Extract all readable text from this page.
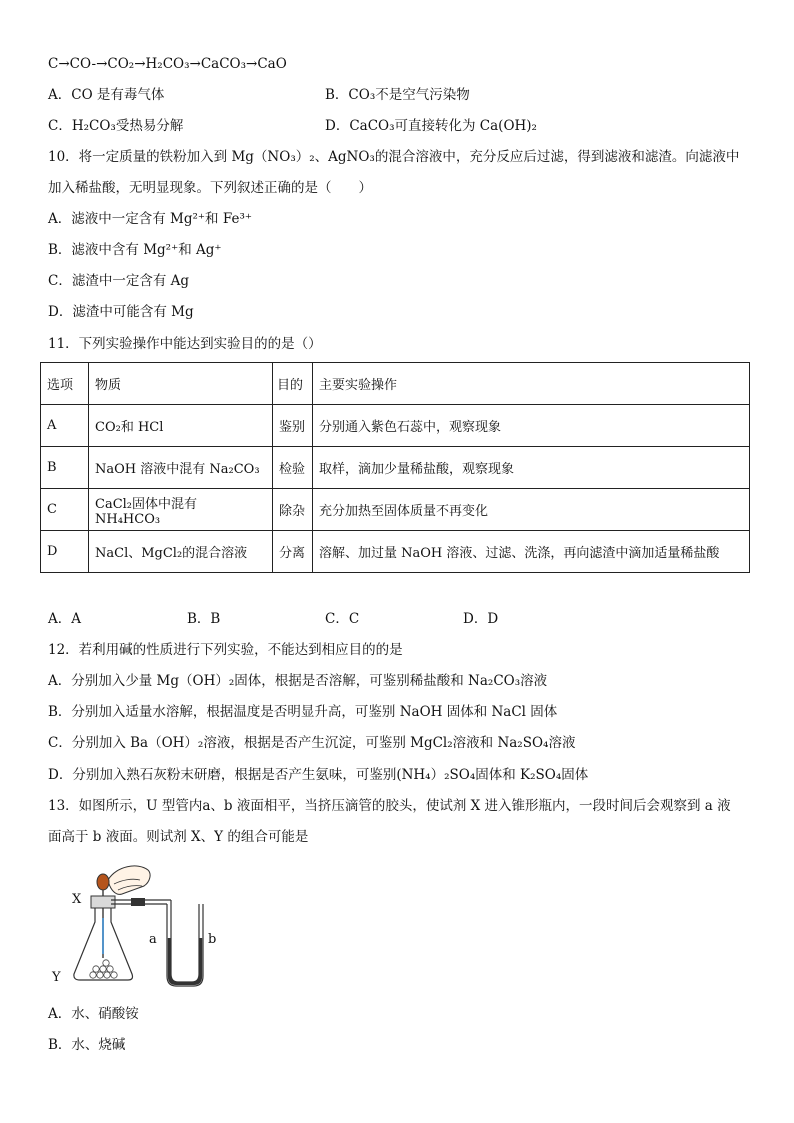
C→CO-→CO₂→H₂CO₃→CaCO₃→CaO
A．CO 是有毒气体	B．CO₃不是空气污染物
C．H₂CO₃受热易分解	D．CaCO₃可直接转化为 Ca(OH)₂
10．将一定质量的铁粉加入到 Mg（NO₃）₂、AgNO₃的混合溶液中，充分反应后过滤，得到滤液和滤渣。向滤液中
加入稀盐酸，无明显现象。下列叙述正确的是（　　）
A．滤液中一定含有 Mg²⁺和 Fe³⁺
B．滤液中含有 Mg²⁺和 Ag⁺
C．滤渣中一定含有 Ag
D．滤渣中可能含有 Mg
11．下列实验操作中能达到实验目的的是（）
选项	物质	目的	主要实验操作
A	CO₂和 HCl	鉴别	分别通入紫色石蕊中，观察现象
B	NaOH 溶液中混有 Na₂CO₃	检验	取样，滴加少量稀盐酸，观察现象
C	CaCl₂固体中混有 NH₄HCO₃	除杂	充分加热至固体质量不再变化
D	NaCl、MgCl₂的混合溶液	分离	溶解、加过量 NaOH 溶液、过滤、洗涤，再向滤渣中滴加适量稀盐酸
A．A	B．B	C．C	D．D
12．若利用碱的性质进行下列实验，不能达到相应目的的是
A．分别加入少量 Mg（OH）₂固体，根据是否溶解，可鉴别稀盐酸和 Na₂CO₃溶液
B．分别加入适量水溶解，根据温度是否明显升高，可鉴别 NaOH 固体和 NaCl 固体
C．分别加入 Ba（OH）₂溶液，根据是否产生沉淀，可鉴别 MgCl₂溶液和 Na₂SO₄溶液
D．分别加入熟石灰粉末研磨，根据是否产生氨味，可鉴别(NH₄）₂SO₄固体和 K₂SO₄固体
13．如图所示，U 型管内a、b 液面相平，当挤压滴管的胶头，使试剂 X 进入锥形瓶内，一段时间后会观察到 a 液
面高于 b 液面。则试剂 X、Y 的组合可能是
X
Y
a	b
A．水、硝酸铵
B．水、烧碱
